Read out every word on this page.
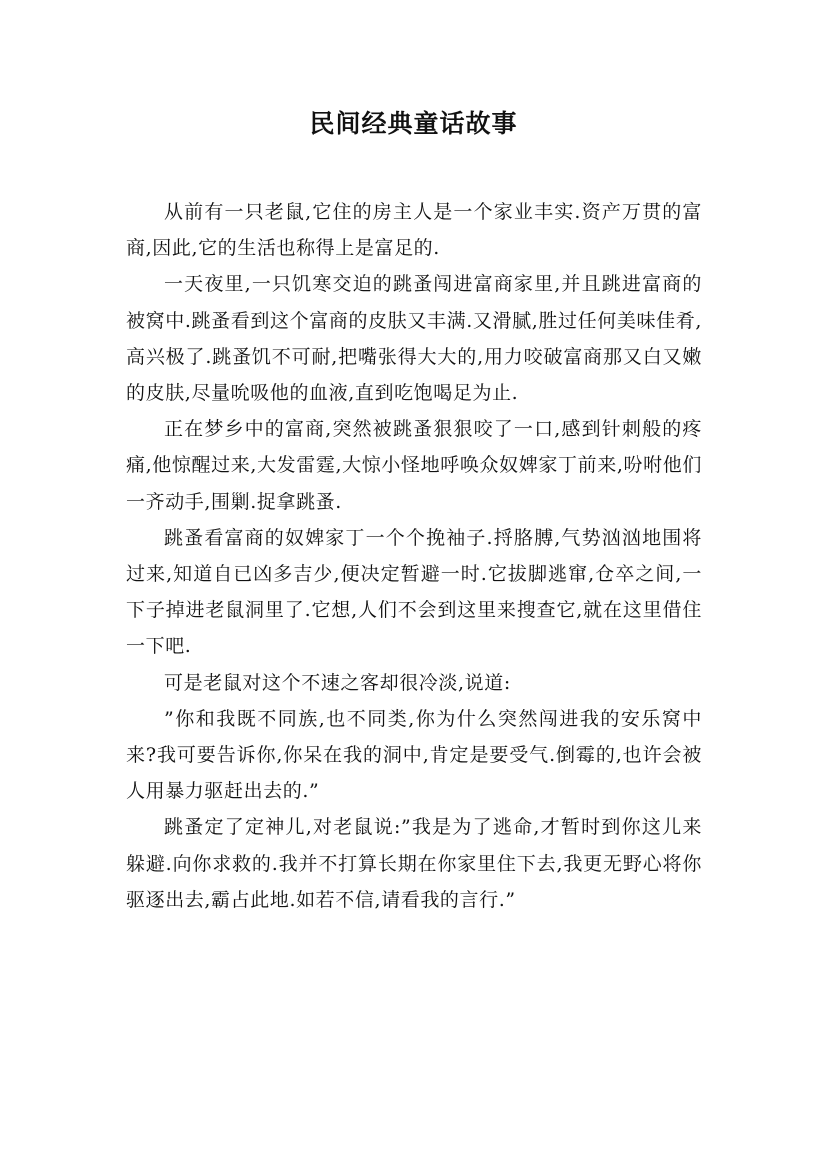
民间经典童话故事

从前有一只老鼠,它住的房主人是一个家业丰实.资产万贯的富商,因此,它的生活也称得上是富足的.

一天夜里,一只饥寒交迫的跳蚤闯进富商家里,并且跳进富商的被窝中.跳蚤看到这个富商的皮肤又丰满.又滑腻,胜过任何美味佳肴,高兴极了.跳蚤饥不可耐,把嘴张得大大的,用力咬破富商那又白又嫩的皮肤,尽量吮吸他的血液,直到吃饱喝足为止.

正在梦乡中的富商,突然被跳蚤狠狠咬了一口,感到针刺般的疼痛,他惊醒过来,大发雷霆,大惊小怪地呼唤众奴婢家丁前来,吩咐他们一齐动手,围剿.捉拿跳蚤.

跳蚤看富商的奴婢家丁一个个挽袖子.捋胳膊,气势汹汹地围将过来,知道自已凶多吉少,便决定暂避一时.它拔脚逃窜,仓卒之间,一下子掉进老鼠洞里了.它想,人们不会到这里来搜查它,就在这里借住一下吧.

可是老鼠对这个不速之客却很冷淡,说道:

”你和我既不同族,也不同类,你为什么突然闯进我的安乐窝中来?我可要告诉你,你呆在我的洞中,肯定是要受气.倒霉的,也许会被人用暴力驱赶出去的.”

跳蚤定了定神儿,对老鼠说:”我是为了逃命,才暂时到你这儿来躲避.向你求救的.我并不打算长期在你家里住下去,我更无野心将你驱逐出去,霸占此地.如若不信,请看我的言行.”
